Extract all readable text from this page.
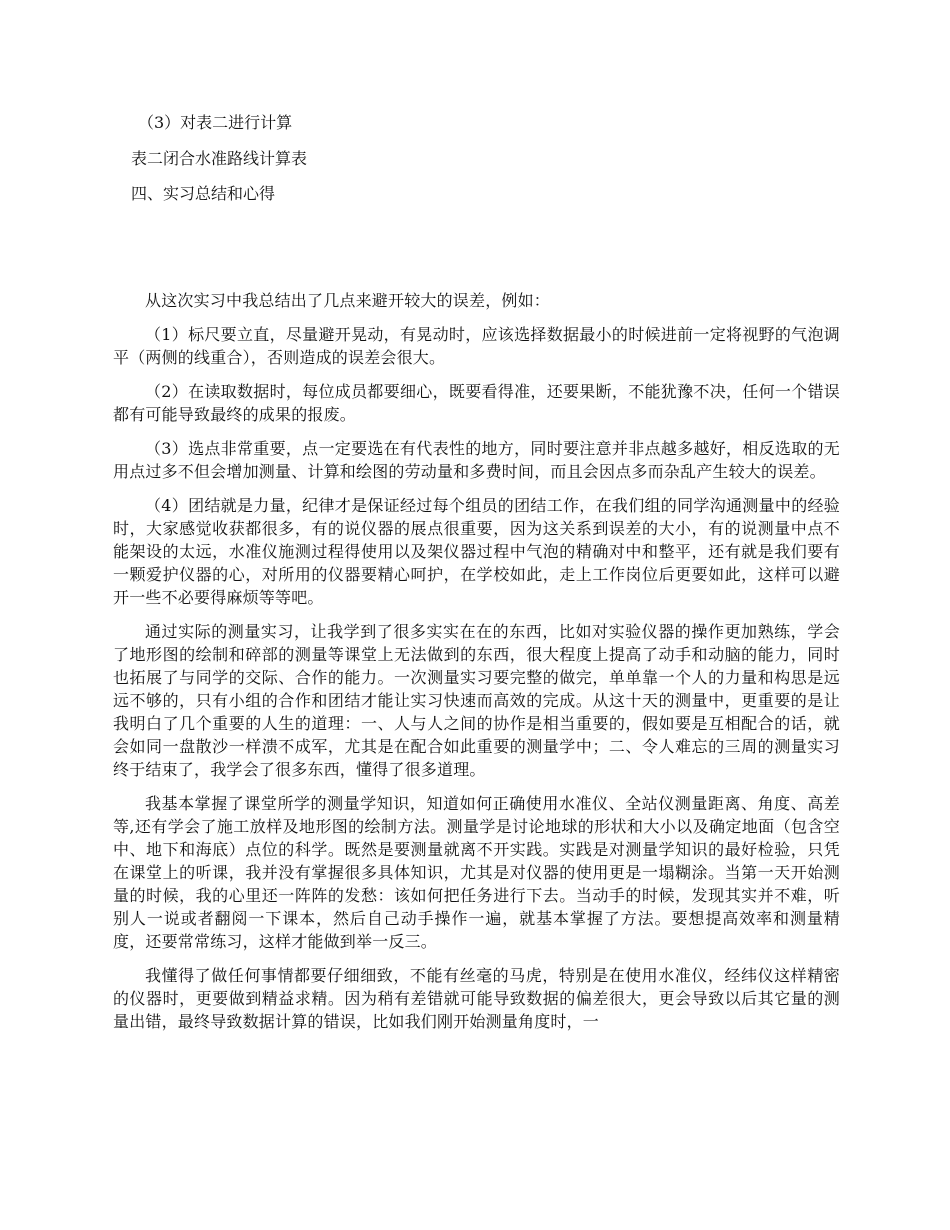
（3）对表二进行计算
表二闭合水准路线计算表
四、实习总结和心得

从这次实习中我总结出了几点来避开较大的误差，例如：

（1）标尺要立直，尽量避开晃动，有晃动时，应该选择数据最小的时候进前一定将视野的气泡调平（两侧的线重合），否则造成的误差会很大。

（2）在读取数据时，每位成员都要细心，既要看得准，还要果断，不能犹豫不决，任何一个错误都有可能导致最终的成果的报废。

（3）选点非常重要，点一定要选在有代表性的地方，同时要注意并非点越多越好，相反选取的无用点过多不但会增加测量、计算和绘图的劳动量和多费时间，而且会因点多而杂乱产生较大的误差。

（4）团结就是力量，纪律才是保证经过每个组员的团结工作，在我们组的同学沟通测量中的经验时，大家感觉收获都很多，有的说仪器的展点很重要，因为这关系到误差的大小，有的说测量中点不能架设的太远，水准仪施测过程得使用以及架仪器过程中气泡的精确对中和整平，还有就是我们要有一颗爱护仪器的心，对所用的仪器要精心呵护，在学校如此，走上工作岗位后更要如此，这样可以避开一些不必要得麻烦等等吧。

通过实际的测量实习，让我学到了很多实实在在的东西，比如对实验仪器的操作更加熟练，学会了地形图的绘制和碎部的测量等课堂上无法做到的东西，很大程度上提高了动手和动脑的能力，同时也拓展了与同学的交际、合作的能力。一次测量实习要完整的做完，单单靠一个人的力量和构思是远远不够的，只有小组的合作和团结才能让实习快速而高效的完成。从这十天的测量中，更重要的是让我明白了几个重要的人生的道理：一、人与人之间的协作是相当重要的，假如要是互相配合的话，就会如同一盘散沙一样溃不成军，尤其是在配合如此重要的测量学中；二、令人难忘的三周的测量实习终于结束了，我学会了很多东西，懂得了很多道理。

我基本掌握了课堂所学的测量学知识，知道如何正确使用水准仪、全站仪测量距离、角度、高差等,还有学会了施工放样及地形图的绘制方法。测量学是讨论地球的形状和大小以及确定地面（包含空中、地下和海底）点位的科学。既然是要测量就离不开实践。实践是对测量学知识的最好检验，只凭在课堂上的听课，我并没有掌握很多具体知识，尤其是对仪器的使用更是一塌糊涂。当第一天开始测量的时候，我的心里还一阵阵的发愁：该如何把任务进行下去。当动手的时候，发现其实并不难，听别人一说或者翻阅一下课本，然后自己动手操作一遍，就基本掌握了方法。要想提高效率和测量精度，还要常常练习，这样才能做到举一反三。

我懂得了做任何事情都要仔细细致，不能有丝毫的马虎，特别是在使用水准仪，经纬仪这样精密的仪器时，更要做到精益求精。因为稍有差错就可能导致数据的偏差很大，更会导致以后其它量的测量出错，最终导致数据计算的错误，比如我们刚开始测量角度时，一
